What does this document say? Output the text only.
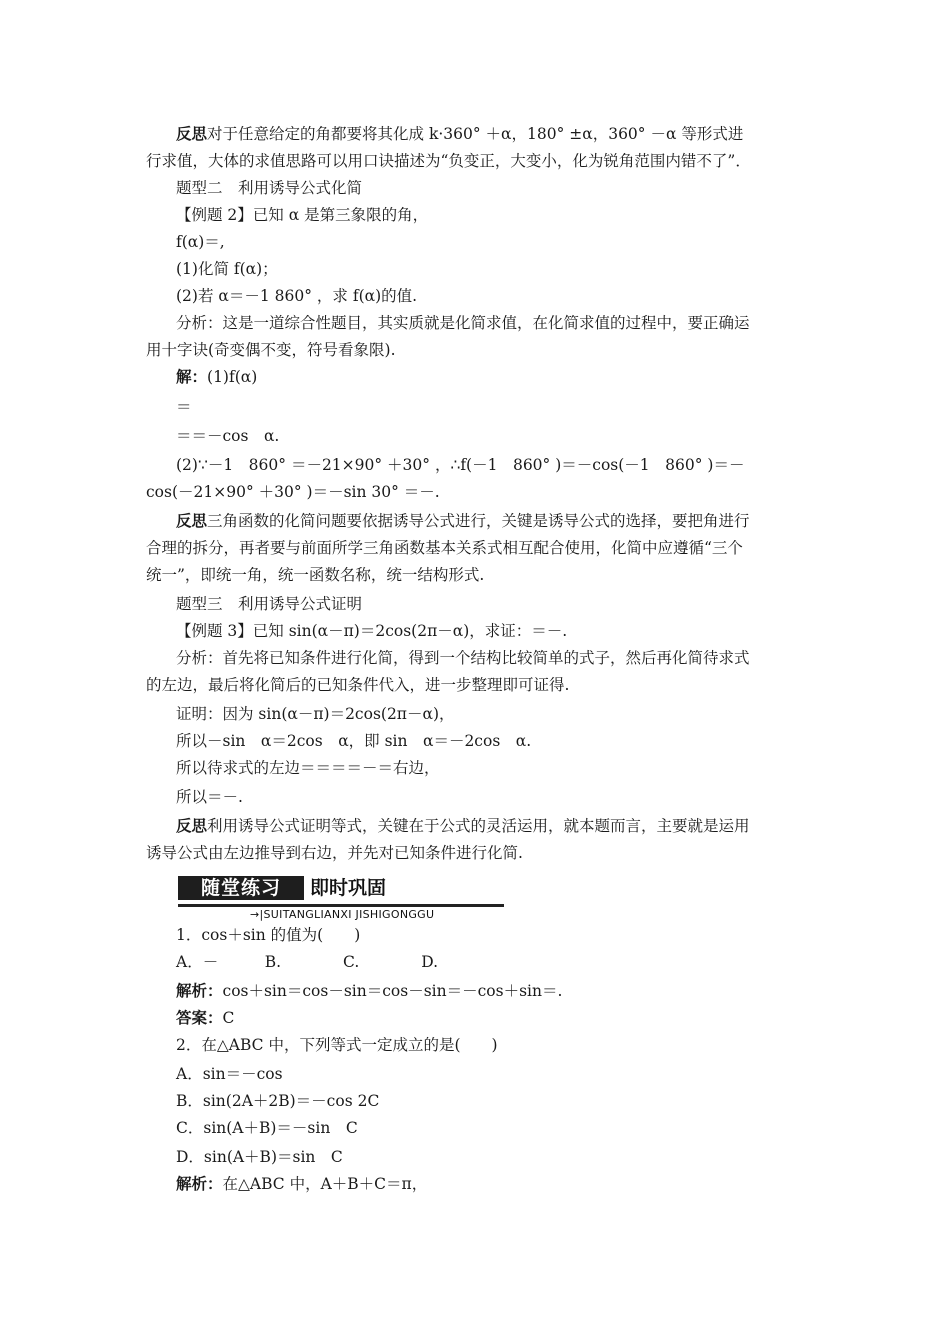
反思对于任意给定的角都要将其化成 k·360° ＋α，180° ±α，360° －α 等形式进
行求值，大体的求值思路可以用口诀描述为“负变正，大变小，化为锐角范围内错不了”．
题型二　利用诱导公式化简
【例题 2】已知 α 是第三象限的角，
f(α)＝,
(1)化简 f(α)；
(2)若 α＝－1 860° ，求 f(α)的值.
分析：这是一道综合性题目，其实质就是化简求值，在化简求值的过程中，要正确运
用十字诀(奇变偶不变，符号看象限).
解：(1)f(α)
＝
＝＝－cos　α.
(2)∵－1　860° ＝－21×90° ＋30° ，∴f(－1　860° )＝－cos(－1　860° )＝－
cos(－21×90° ＋30° )＝－sin 30° ＝－.
反思三角函数的化简问题要依据诱导公式进行，关键是诱导公式的选择，要把角进行
合理的拆分，再者要与前面所学三角函数基本关系式相互配合使用，化简中应遵循“三个
统一”，即统一角，统一函数名称，统一结构形式.
题型三　利用诱导公式证明
【例题 3】已知 sin(α－π)＝2cos(2π－α)，求证：＝－.
分析：首先将已知条件进行化简，得到一个结构比较简单的式子，然后再化简待求式
的左边，最后将化简后的已知条件代入，进一步整理即可证得.
证明：因为 sin(α－π)＝2cos(2π－α)，
所以－sin　α＝2cos　α，即 sin　α＝－2cos　α.
所以待求式的左边＝＝＝＝－＝右边，
所以＝－.
反思利用诱导公式证明等式，关键在于公式的灵活运用，就本题而言，主要就是运用
诱导公式由左边推导到右边，并先对已知条件进行化简.
随堂练习	即时巩固
→|SUITANGLIANXI JISHIGONGGU
1．cos＋sin 的值为(　　)
A．－　　　B.　　　　C.　　　　D.
解析：cos＋sin＝cos－sin＝cos－sin＝－cos＋sin＝.
答案：C
2．在△ABC 中，下列等式一定成立的是(　　)
A．sin＝－cos
B．sin(2A＋2B)＝－cos 2C
C．sin(A＋B)＝－sin　C
D．sin(A＋B)＝sin　C
解析：在△ABC 中，A＋B＋C＝π，
